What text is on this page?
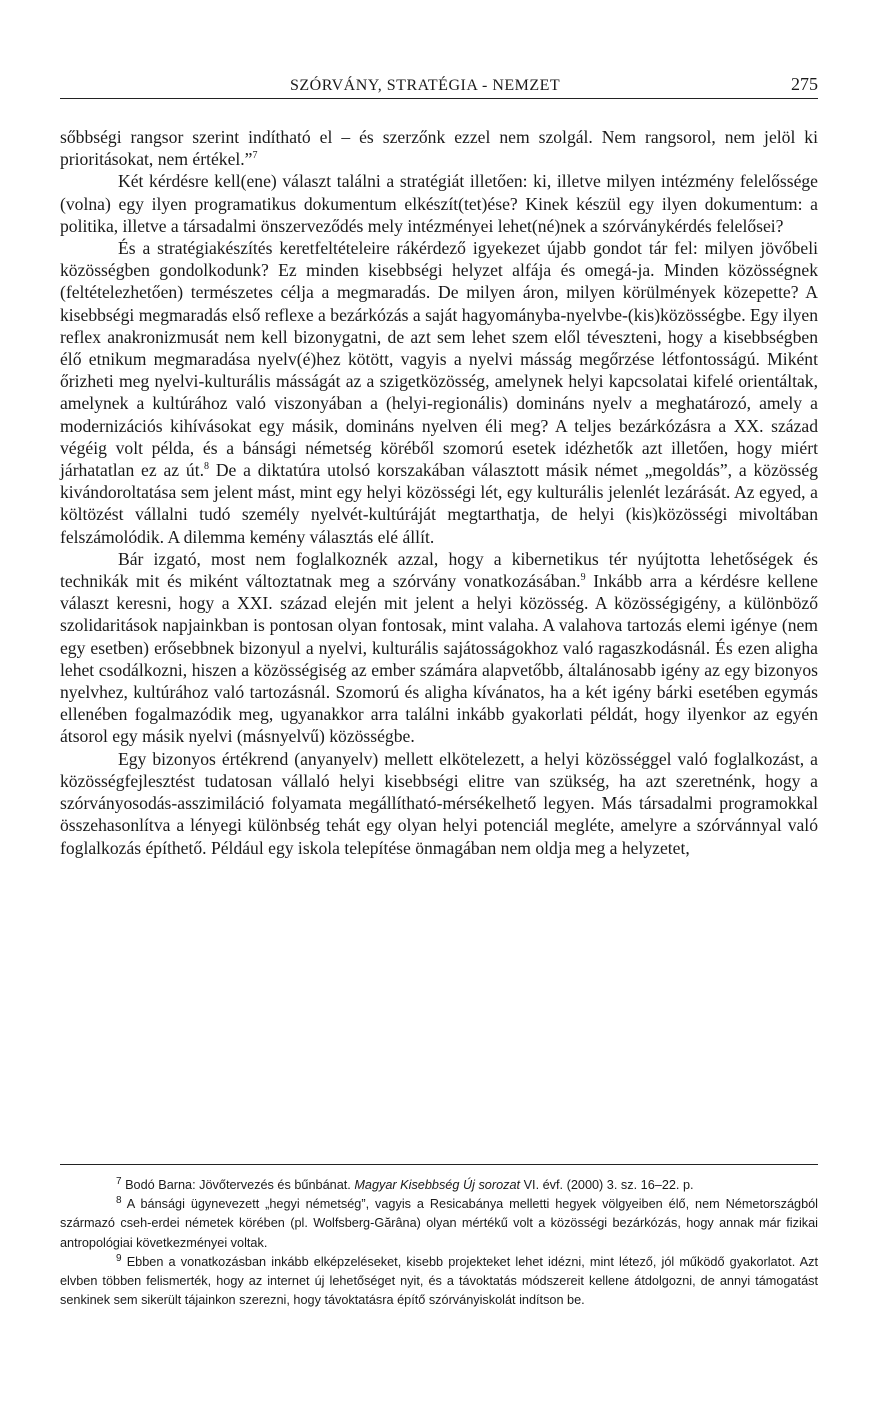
SZÓRVÁNY, STRATÉGIA - NEMZET	275

sőbbségi rangsor szerint indítható el – és szerzőnk ezzel nem szolgál. Nem rangsorol, nem jelöl ki prioritásokat, nem értékel.”$^7$

Két kérdésre kell(ene) választ találni a stratégiát illetően: ki, illetve milyen intézmény felelőssége (volna) egy ilyen programatikus dokumentum elkészít(tet)ése? Kinek készül egy ilyen dokumentum: a politika, illetve a társadalmi önszerveződés mely intézményei lehet(né)nek a szórványkérdés felelősei?

És a stratégiakészítés keretfeltételeire rákérdező igyekezet újabb gondot tár fel: milyen jövőbeli közösségben gondolkodunk? Ez minden kisebbségi helyzet alfája és omegá-ja. Minden közösségnek (feltételezhetően) természetes célja a megmaradás. De milyen áron, milyen körülmények közepette? A kisebbségi megmaradás első reflexe a bezárkózás a saját hagyományba-nyelvbe-(kis)közösségbe. Egy ilyen reflex anakronizmusát nem kell bizonygatni, de azt sem lehet szem elől téveszteni, hogy a kisebbségben élő etnikum megmaradása nyelv(é)hez kötött, vagyis a nyelvi másság megőrzése létfontosságú. Miként őrizheti meg nyelvi-kulturális másságát az a szigetközösség, amelynek helyi kapcsolatai kifelé orientáltak, amelynek a kultúrához való viszonyában a (helyi-regionális) domináns nyelv a meghatározó, amely a modernizációs kihívásokat egy másik, domináns nyelven éli meg? A teljes bezárkózásra a XX. század végéig volt példa, és a bánsági németség köréből szomorú esetek idézhetők azt illetően, hogy miért járhatatlan ez az út.$^8$ De a diktatúra utolsó korszakában választott másik német „megoldás”, a közösség kivándoroltatása sem jelent mást, mint egy helyi közösségi lét, egy kulturális jelenlét lezárását. Az egyed, a költözést vállalni tudó személy nyelvét-kultúráját megtarthatja, de helyi (kis)közösségi mivoltában felszámolódik. A dilemma kemény választás elé állít.

Bár izgató, most nem foglalkoznék azzal, hogy a kibernetikus tér nyújtotta lehetőségek és technikák mit és miként változtatnak meg a szórvány vonatkozásában.$^9$ Inkább arra a kérdésre kellene választ keresni, hogy a XXI. század elején mit jelent a helyi közösség. A közösségigény, a különböző szolidaritások napjainkban is pontosan olyan fontosak, mint valaha. A valahova tartozás elemi igénye (nem egy esetben) erősebbnek bizonyul a nyelvi, kulturális sajátosságokhoz való ragaszkodásnál. És ezen aligha lehet csodálkozni, hiszen a közösségiség az ember számára alapvetőbb, általánosabb igény az egy bizonyos nyelvhez, kultúrához való tartozásnál. Szomorú és aligha kívánatos, ha a két igény bárki esetében egymás ellenében fogalmazódik meg, ugyanakkor arra találni inkább gyakorlati példát, hogy ilyenkor az egyén átsorol egy másik nyelvi (másnyelvű) közösségbe.

Egy bizonyos értékrend (anyanyelv) mellett elkötelezett, a helyi közösséggel való foglalkozást, a közösségfejlesztést tudatosan vállaló helyi kisebbségi elitre van szükség, ha azt szeretnénk, hogy a szórványosodás-asszimiláció folyamata megállítható-mérsékelhető legyen. Más társadalmi programokkal összehasonlítva a lényegi különbség tehát egy olyan helyi potenciál megléte, amelyre a szórvánnyal való foglalkozás építhető. Például egy iskola telepítése önmagában nem oldja meg a helyzetet,

$^7$ Bodó Barna: Jövőtervezés és bűnbánat. Magyar Kisebbség Új sorozat VI. évf. (2000) 3. sz. 16–22. p.

$^8$ A bánsági ügynevezett „hegyi németség”, vagyis a Resicabánya melletti hegyek völgyeiben élő, nem Németországból származó cseh-erdei németek körében (pl. Wolfsberg-Gărâna) olyan mértékű volt a közösségi bezárkózás, hogy annak már fizikai antropológiai következményei voltak.

$^9$ Ebben a vonatkozásban inkább elképzeléseket, kisebb projekteket lehet idézni, mint létező, jól működő gyakorlatot. Azt elvben többen felismerték, hogy az internet új lehetőséget nyit, és a távoktatás módszereit kellene átdolgozni, de annyi támogatást senkinek sem sikerült tájainkon szerezni, hogy távoktatásra építő szórványiskolát indítson be.
